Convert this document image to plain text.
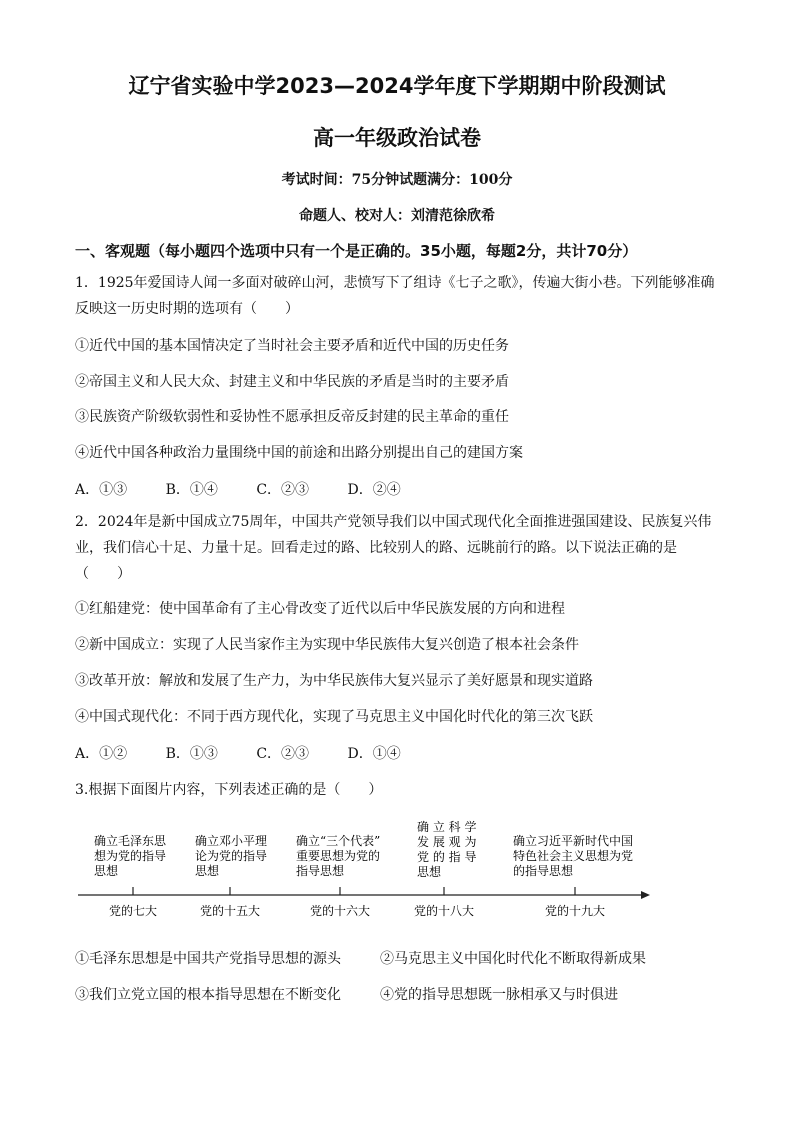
辽宁省实验中学2023—2024学年度下学期期中阶段测试
高一年级政治试卷
考试时间：75分钟试题满分：100分
命题人、校对人：刘清范徐欣希
一、客观题（每小题四个选项中只有一个是正确的。35小题，每题2分，共计70分）
1．1925年爱国诗人闻一多面对破碎山河，悲愤写下了组诗《七子之歌》，传遍大街小巷。下列能够准确反映这一历史时期的选项有（　　）
①近代中国的基本国情决定了当时社会主要矛盾和近代中国的历史任务
②帝国主义和人民大众、封建主义和中华民族的矛盾是当时的主要矛盾
③民族资产阶级软弱性和妥协性不愿承担反帝反封建的民主革命的重任
④近代中国各种政治力量围绕中国的前途和出路分别提出自己的建国方案
A．①③	B．①④	C．②③	D．②④
2．2024年是新中国成立75周年，中国共产党领导我们以中国式现代化全面推进强国建设、民族复兴伟业，我们信心十足、力量十足。回看走过的路、比较别人的路、远眺前行的路。以下说法正确的是（　　）
①红船建党：使中国革命有了主心骨改变了近代以后中华民族发展的方向和进程
②新中国成立：实现了人民当家作主为实现中华民族伟大复兴创造了根本社会条件
③改革开放：解放和发展了生产力，为中华民族伟大复兴显示了美好愿景和现实道路
④中国式现代化：不同于西方现代化，实现了马克思主义中国化时代化的第三次飞跃
A．①②	B．①③	C．②③	D．①④
3.根据下面图片内容，下列表述正确的是（　　）
确立毛泽东思 想为党的指导 思想
党的七大
确立邓小平理 论为党的指导 思想
党的十五大
确立“三个代表” 重要思想为党的 指导思想
党的十六大
确 立 科 学 发 展 观 为 党 的 指 导 思想
党的十八大
确立习近平新时代中国 特色社会主义思想为党 的指导思想
党的十九大
①毛泽东思想是中国共产党指导思想的源头	②马克思主义中国化时代化不断取得新成果
③我们立党立国的根本指导思想在不断变化	④党的指导思想既一脉相承又与时俱进
